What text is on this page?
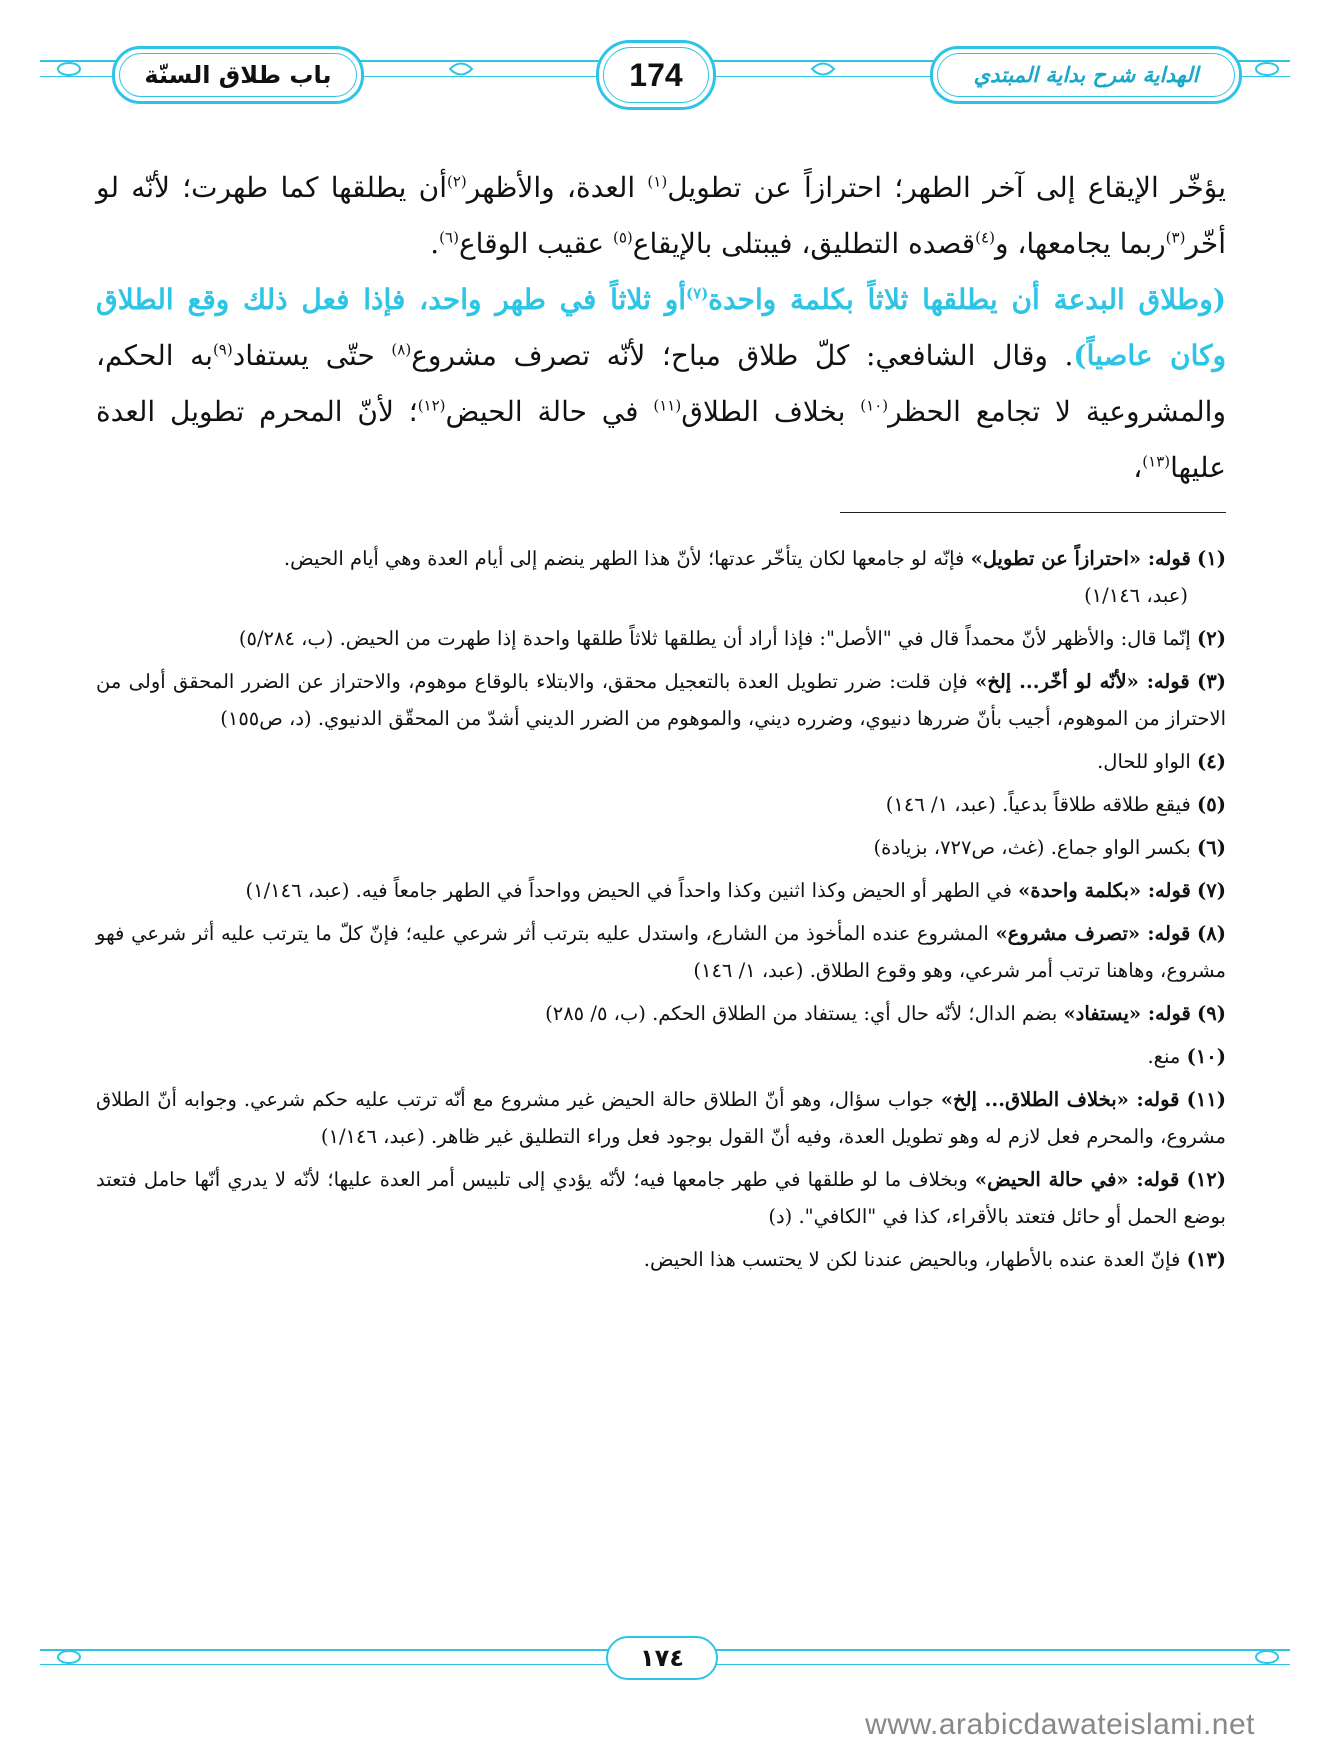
باب طلاق السنّة	174	الهداية شرح بداية المبتدي

يؤخّر الإيقاع إلى آخر الطهر؛ احترازاً عن تطويل$^{(١)}$ العدة، والأظهر$^{(٢)}$أن يطلقها كما طهرت؛ لأنّه لو أخّر$^{(٣)}$ربما يجامعها، و$^{(٤)}$قصده التطليق، فيبتلى بالإيقاع$^{(٥)}$ عقيب الوقاع$^{(٦)}$.

(وطلاق البدعة أن يطلقها ثلاثاً بكلمة واحدة$^{(٧)}$أو ثلاثاً في طهر واحد، فإذا فعل ذلك وقع الطلاق وكان عاصياً). وقال الشافعي: كلّ طلاق مباح؛ لأنّه تصرف مشروع$^{(٨)}$ حتّى يستفاد$^{(٩)}$به الحكم، والمشروعية لا تجامع الحظر$^{(١٠)}$ بخلاف الطلاق$^{(١١)}$ في حالة الحيض$^{(١٢)}$؛ لأنّ المحرم تطويل العدة عليها$^{(١٣)}$،

(١) قوله: «احترازاً عن تطويل» فإنّه لو جامعها لكان يتأخّر عدتها؛ لأنّ هذا الطهر ينضم إلى أيام العدة وهي أيام الحيض.
(عبد، ١/١٤٦)

(٢) إنّما قال: والأظهر لأنّ محمداً قال في "الأصل": فإذا أراد أن يطلقها ثلاثاً طلقها واحدة إذا طهرت من الحيض. (ب، ٥/٢٨٤)

(٣) قوله: «لأنّه لو أخّر... إلخ» فإن قلت: ضرر تطويل العدة بالتعجيل محقق، والابتلاء بالوقاع موهوم، والاحتراز عن الضرر المحقق أولى من الاحتراز من الموهوم، أجيب بأنّ ضررها دنيوي، وضرره ديني، والموهوم من الضرر الديني أشدّ من المحقّق الدنيوي. (د، ص١٥٥)

(٤) الواو للحال.

(٥) فيقع طلاقه طلاقاً بدعياً. (عبد، ١/ ١٤٦)

(٦) بكسر الواو جماع. (غث، ص٧٢٧، بزيادة)

(٧) قوله: «بكلمة واحدة» في الطهر أو الحيض وكذا اثنين وكذا واحداً في الحيض وواحداً في الطهر جامعاً فيه. (عبد، ١/١٤٦)

(٨) قوله: «تصرف مشروع» المشروع عنده المأخوذ من الشارع، واستدل عليه بترتب أثر شرعي عليه؛ فإنّ كلّ ما يترتب عليه أثر شرعي فهو مشروع، وهاهنا ترتب أمر شرعي، وهو وقوع الطلاق. (عبد، ١/ ١٤٦)

(٩) قوله: «يستفاد» بضم الدال؛ لأنّه حال أي: يستفاد من الطلاق الحكم. (ب، ٥/ ٢٨٥)

(١٠) منع.

(١١) قوله: «بخلاف الطلاق... إلخ» جواب سؤال، وهو أنّ الطلاق حالة الحيض غير مشروع مع أنّه ترتب عليه حكم شرعي. وجوابه أنّ الطلاق مشروع، والمحرم فعل لازم له وهو تطويل العدة، وفيه أنّ القول بوجود فعل وراء التطليق غير ظاهر. (عبد، ١/١٤٦)

(١٢) قوله: «في حالة الحيض» وبخلاف ما لو طلقها في طهر جامعها فيه؛ لأنّه يؤدي إلى تلبيس أمر العدة عليها؛ لأنّه لا يدري أنّها حامل فتعتد بوضع الحمل أو حائل فتعتد بالأقراء، كذا في "الكافي". (د)

(١٣) فإنّ العدة عنده بالأطهار، وبالحيض عندنا لكن لا يحتسب هذا الحيض.

١٧٤
www.arabicdawateislami.net
